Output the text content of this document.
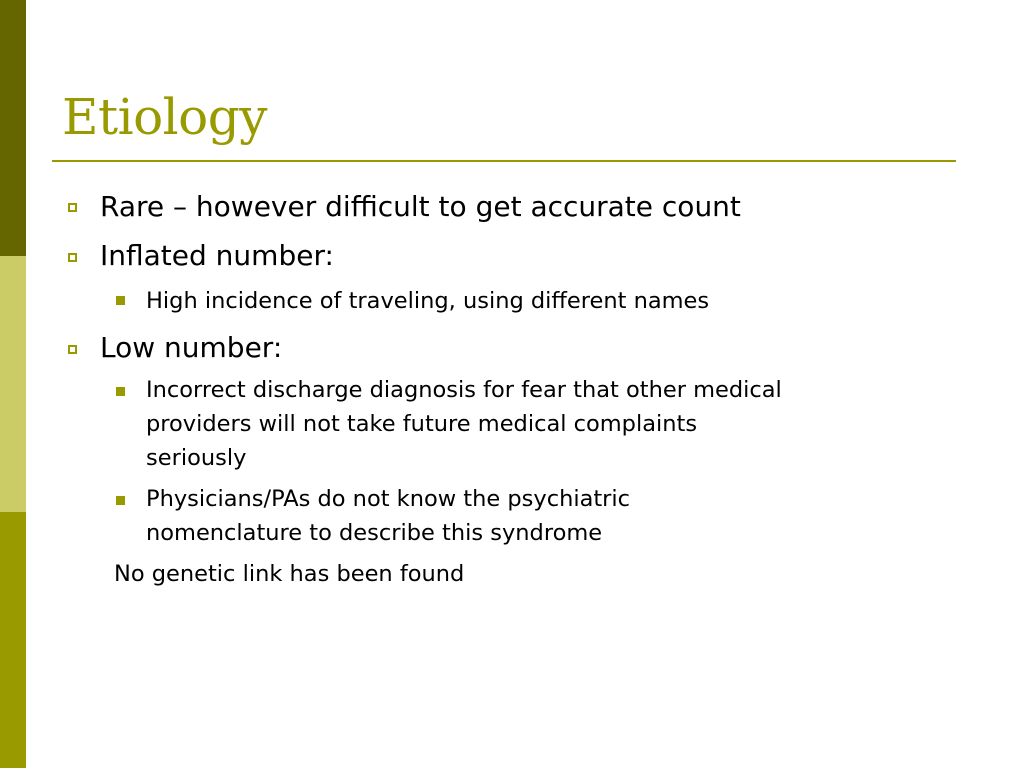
Etiology
Rare – however difficult to get accurate count
Inflated number:
High incidence of traveling, using different names
Low number:
Incorrect discharge diagnosis for fear that other medical
providers will not take future medical complaints
seriously
Physicians/PAs do not know the psychiatric
nomenclature to describe this syndrome
No genetic link has been found
